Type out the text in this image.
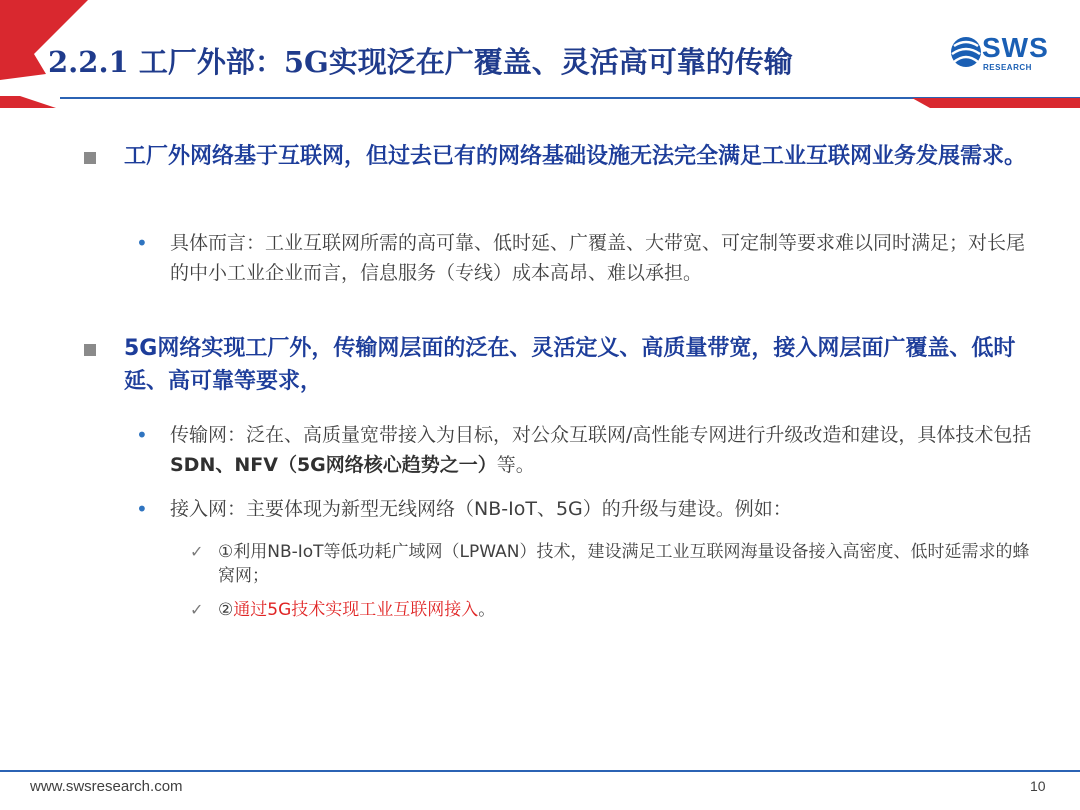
2.2.1 工厂外部：5G实现泛在广覆盖、灵活高可靠的传输	SWS
RESEARCH
工厂外网络基于互联网，但过去已有的网络基础设施无法完全满足工业互联网业务发展需求。
• 具体而言：工业互联网所需的高可靠、低时延、广覆盖、大带宽、可定制等要求难以同时满足；对长尾的中小工业企业而言，信息服务（专线）成本高昂、难以承担。
5G网络实现工厂外，传输网层面的泛在、灵活定义、高质量带宽，接入网层面广覆盖、低时延、高可靠等要求，
• 传输网：泛在、高质量宽带接入为目标，对公众互联网/高性能专网进行升级改造和建设，具体技术包括SDN、NFV（5G网络核心趋势之一）等。
• 接入网：主要体现为新型无线网络（NB-IoT、5G）的升级与建设。例如：
✓ ①利用NB-IoT等低功耗广域网（LPWAN）技术，建设满足工业互联网海量设备接入高密度、低时延需求的蜂窝网；
✓ ②通过5G技术实现工业互联网接入。
www.swsresearch.com	10
